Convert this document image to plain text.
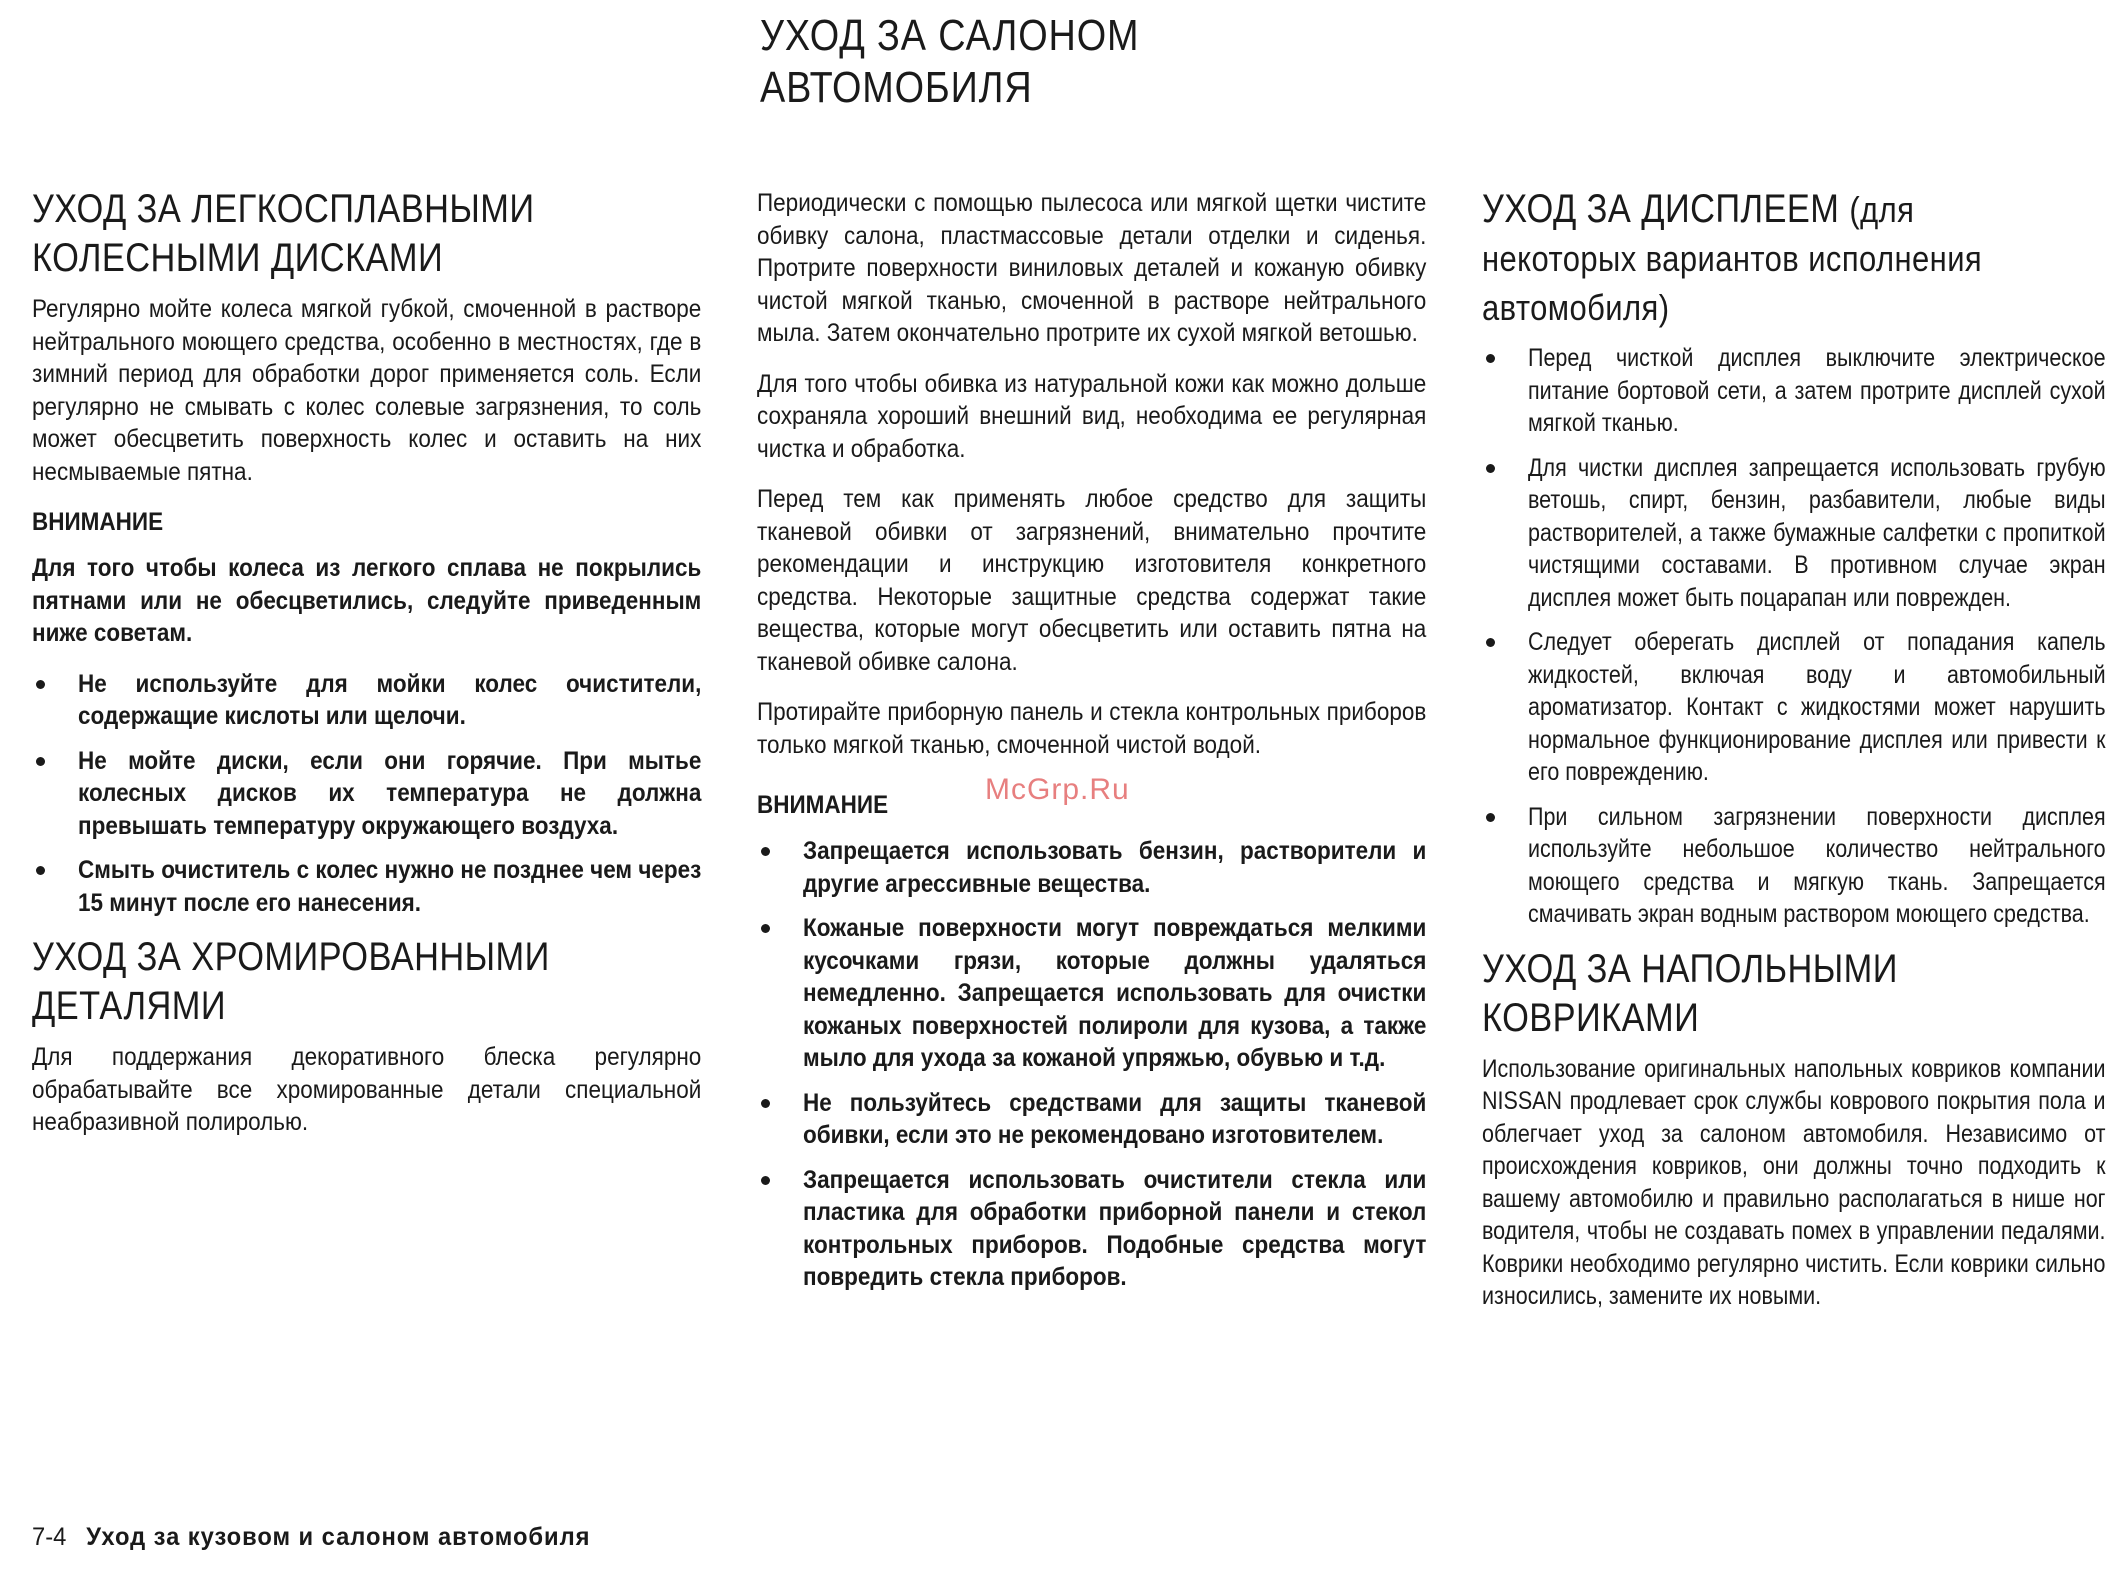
УХОД ЗА САЛОНОМ
АВТОМОБИЛЯ
УХОД ЗА ЛЕГКОСПЛАВНЫМИ
КОЛЕСНЫМИ ДИСКАМИ

Регулярно мойте колеса мягкой губкой, смоченной в растворе нейтрального моющего средства, особенно в местностях, где в зимний период для обработки дорог применяется соль. Если регулярно не смывать с колес солевые загрязнения, то соль может обесцветить поверхность колес и оставить на них несмываемые пятна.

ВНИМАНИЕ

Для того чтобы колеса из легкого сплава не покрылись пятнами или не обесцветились, следуйте приведенным ниже советам.

Не используйте для мойки колес очистители, содержащие кислоты или щелочи.
Не мойте диски, если они горячие. При мытье колесных дисков их температура не должна превышать температуру окружающего воздуха.
Смыть очиститель с колес нужно не позднее чем через 15 минут после его нанесения.
УХОД ЗА ХРОМИРОВАННЫМИ
ДЕТАЛЯМИ

Для поддержания декоративного блеска регулярно обрабатывайте все хромированные детали специальной неабразивной полиролью.

Периодически с помощью пылесоса или мягкой щетки чистите обивку салона, пластмассовые детали отделки и сиденья. Протрите поверхности виниловых деталей и кожаную обивку чистой мягкой тканью, смоченной в растворе нейтрального мыла. Затем окончательно протрите их сухой мягкой ветошью.

Для того чтобы обивка из натуральной кожи как можно дольше сохраняла хороший внешний вид, необходима ее регулярная чистка и обработка.

Перед тем как применять любое средство для защиты тканевой обивки от загрязнений, внимательно прочтите рекомендации и инструкцию изготовителя конкретного средства. Некоторые защитные средства содержат такие вещества, которые могут обесцветить или оставить пятна на тканевой обивке салона.

Протирайте приборную панель и стекла контрольных приборов только мягкой тканью, смоченной чистой водой.

ВНИМАНИЕ
Запрещается использовать бензин, растворители и другие агрессивные вещества.
Кожаные поверхности могут повреждаться мелкими кусочками грязи, которые должны удаляться немедленно. Запрещается использовать для очистки кожаных поверхностей полироли для кузова, а также мыло для ухода за кожаной упряжью, обувью и т.д.
Не пользуйтесь средствами для защиты тканевой обивки, если это не рекомендовано изготовителем.
Запрещается использовать очистители стекла или пластика для обработки приборной панели и стекол контрольных приборов. Подобные средства могут повредить стекла приборов.
УХОД ЗА ДИСПЛЕЕМ (для
некоторых вариантов исполнения
автомобиля)
Перед чисткой дисплея выключите электрическое питание бортовой сети, а затем протрите дисплей сухой мягкой тканью.
Для чистки дисплея запрещается использовать грубую ветошь, спирт, бензин, разбавители, любые виды растворителей, а также бумажные салфетки с пропиткой чистящими составами. В противном случае экран дисплея может быть поцарапан или поврежден.
Следует оберегать дисплей от попадания капель жидкостей, включая воду и автомобильный ароматизатор. Контакт с жидкостями может нарушить нормальное функционирование дисплея или привести к его повреждению.
При сильном загрязнении поверхности дисплея используйте небольшое количество нейтрального моющего средства и мягкую ткань. Запрещается смачивать экран водным раствором моющего средства.
УХОД ЗА НАПОЛЬНЫМИ
КОВРИКАМИ

Использование оригинальных напольных ковриков компании NISSAN продлевает срок службы коврового покрытия пола и облегчает уход за салоном автомобиля. Независимо от происхождения ковриков, они должны точно подходить к вашему автомобилю и правильно располагаться в нише ног водителя, чтобы не создавать помех в управлении педалями. Коврики необходимо регулярно чистить. Если коврики сильно износились, замените их новыми.

McGrp.Ru
7-4 Уход за кузовом и салоном автомобиля
